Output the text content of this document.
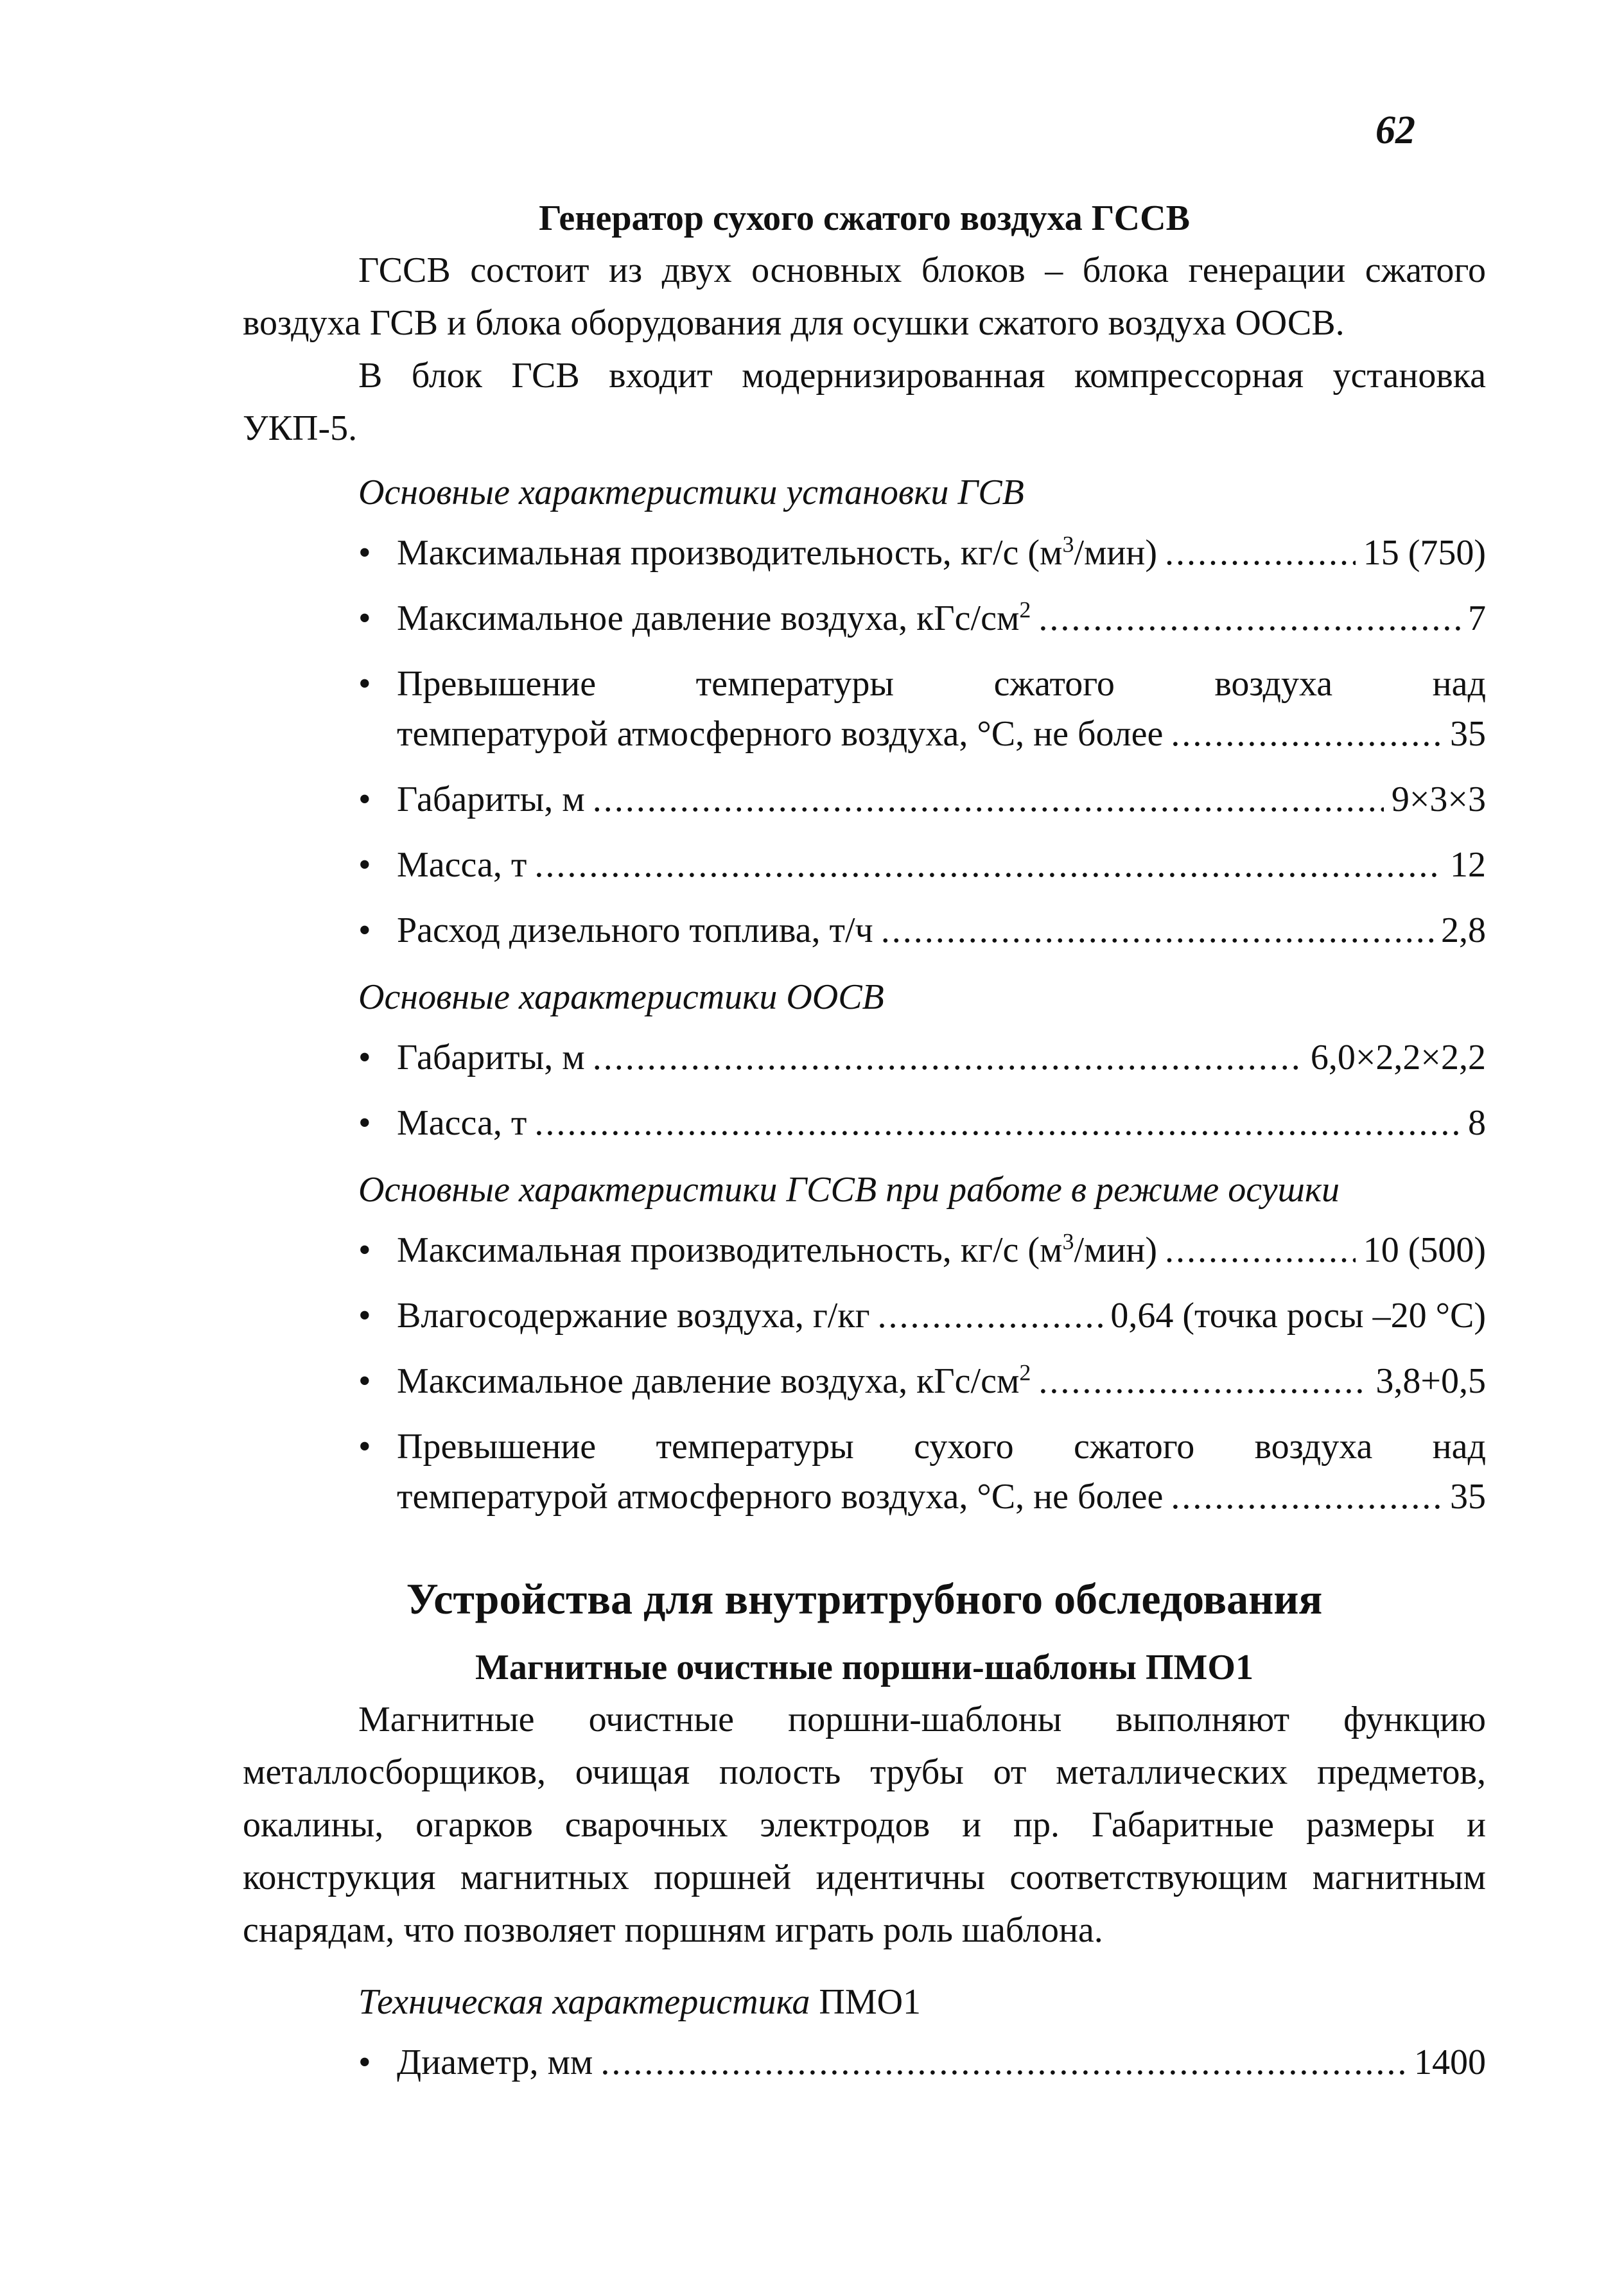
62
Генератор сухого сжатого воздуха ГССВ

ГССВ состоит из двух основных блоков – блока генерации сжатого воздуха ГСВ и блока оборудования для осушки сжатого воздуха ООСВ.

В блок ГСВ входит модернизированная компрессорная установка УКП-5.

Основные характеристики установки ГСВ
• Максимальная производительность, кг/с $(м^3/мин)$ .....	15 (750)
• Максимальное давление воздуха, кГс/$см^2$ .....	7
• Превышение температуры сжатого воздуха над
температурой атмосферного воздуха, °С, не более .....	35
• Габариты, м .....	9×3×3
• Масса, т .....	12
• Расход дизельного топлива, т/ч .....	2,8
Основные характеристики ООСВ
• Габариты, м .....	6,0×2,2×2,2
• Масса, т .....	8
Основные характеристики ГССВ при работе в режиме осушки
• Максимальная производительность, кг/с $(м^3/мин)$ .....	10 (500)
• Влагосодержание воздуха, г/кг .....	0,64 (точка росы –20 °С)
• Максимальное давление воздуха, кГс/$см^2$ .....	3,8+0,5
• Превышение температуры сухого сжатого воздуха над
температурой атмосферного воздуха, °С, не более .....	35
Устройства для внутритрубного обследования
Магнитные очистные поршни-шаблоны ПМО1

Магнитные очистные поршни-шаблоны выполняют функцию металлосборщиков, очищая полость трубы от металлических предметов, окалины, огарков сварочных электродов и пр. Габаритные размеры и конструкция магнитных поршней идентичны соответствующим магнитным снарядам, что позволяет поршням играть роль шаблона.

Техническая характеристика ПМО1
• Диаметр, мм .....	1400
